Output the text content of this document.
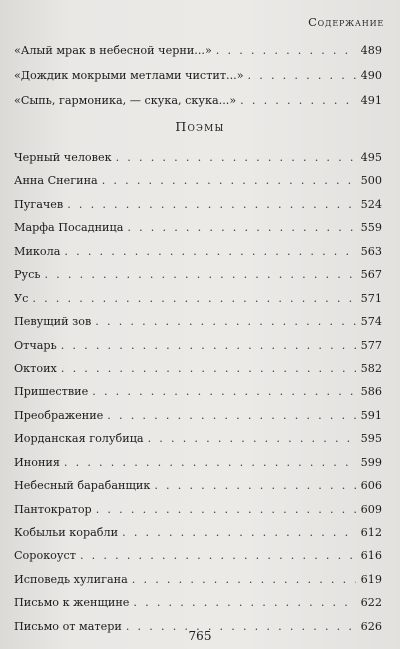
Содержание
«Алый мрак в небесной черни...» . . .	489
«Дождик мокрыми метлами чистит...» . . .	490
«Сыпь, гармоника, — скука, скука...» . . .	491
Поэмы
Черный человек . . .	495
Анна Снегина . . .	500
Пугачев . . .	524
Марфа Посадница . . .	559
Микола . . .	563
Русь . . .	567
Ус . . .	571
Певущий зов . . .	574
Отчарь . . .	577
Октоих . . .	582
Пришествие . . .	586
Преображение . . .	591
Иорданская голубица . . .	595
Инония . . .	599
Небесный барабанщик . . .	606
Пантократор . . .	609
Кобыльи корабли . . .	612
Сорокоуст . . .	616
Исповедь хулигана . . .	619
Письмо к женщине . . .	622
Письмо от матери . . .	626
765
